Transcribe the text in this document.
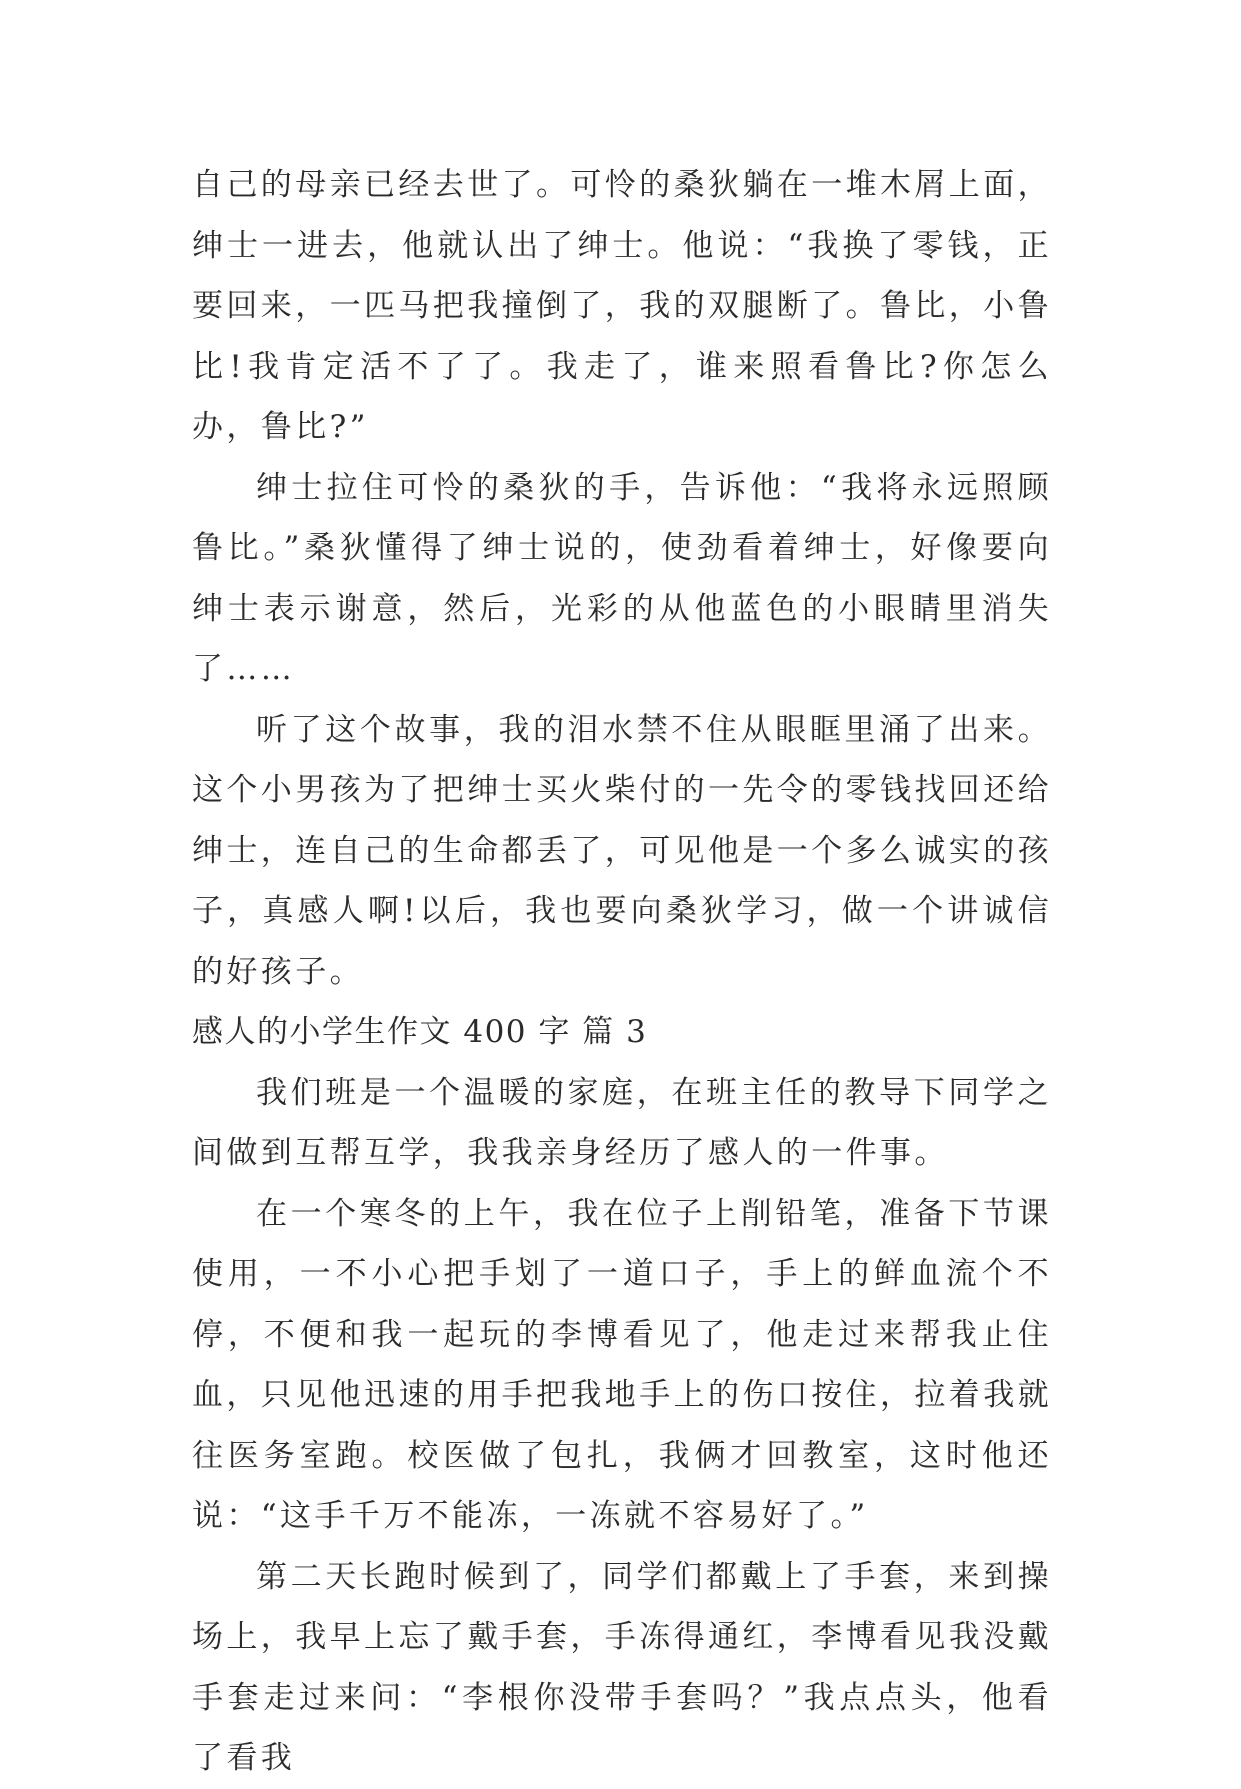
自己的母亲已经去世了。可怜的桑狄躺在一堆木屑上面，绅士一进去，他就认出了绅士。他说：“我换了零钱，正要回来，一匹马把我撞倒了，我的双腿断了。鲁比，小鲁比!我肯定活不了了。我走了，谁来照看鲁比?你怎么办，鲁比?”

绅士拉住可怜的桑狄的手，告诉他：“我将永远照顾鲁比。”桑狄懂得了绅士说的，使劲看着绅士，好像要向绅士表示谢意，然后，光彩的从他蓝色的小眼睛里消失了……

听了这个故事，我的泪水禁不住从眼眶里涌了出来。这个小男孩为了把绅士买火柴付的一先令的零钱找回还给绅士，连自己的生命都丢了，可见他是一个多么诚实的孩子，真感人啊!以后，我也要向桑狄学习，做一个讲诚信的好孩子。

感人的小学生作文 400 字 篇 3

我们班是一个温暖的家庭，在班主任的教导下同学之间做到互帮互学，我我亲身经历了感人的一件事。

在一个寒冬的上午，我在位子上削铅笔，准备下节课使用，一不小心把手划了一道口子，手上的鲜血流个不停，不便和我一起玩的李博看见了，他走过来帮我止住血，只见他迅速的用手把我地手上的伤口按住，拉着我就往医务室跑。校医做了包扎，我俩才回教室，这时他还说：“这手千万不能冻，一冻就不容易好了。”

第二天长跑时候到了，同学们都戴上了手套，来到操场上，我早上忘了戴手套，手冻得通红，李博看见我没戴手套走过来问：“李根你没带手套吗？”我点点头，他看了看我
